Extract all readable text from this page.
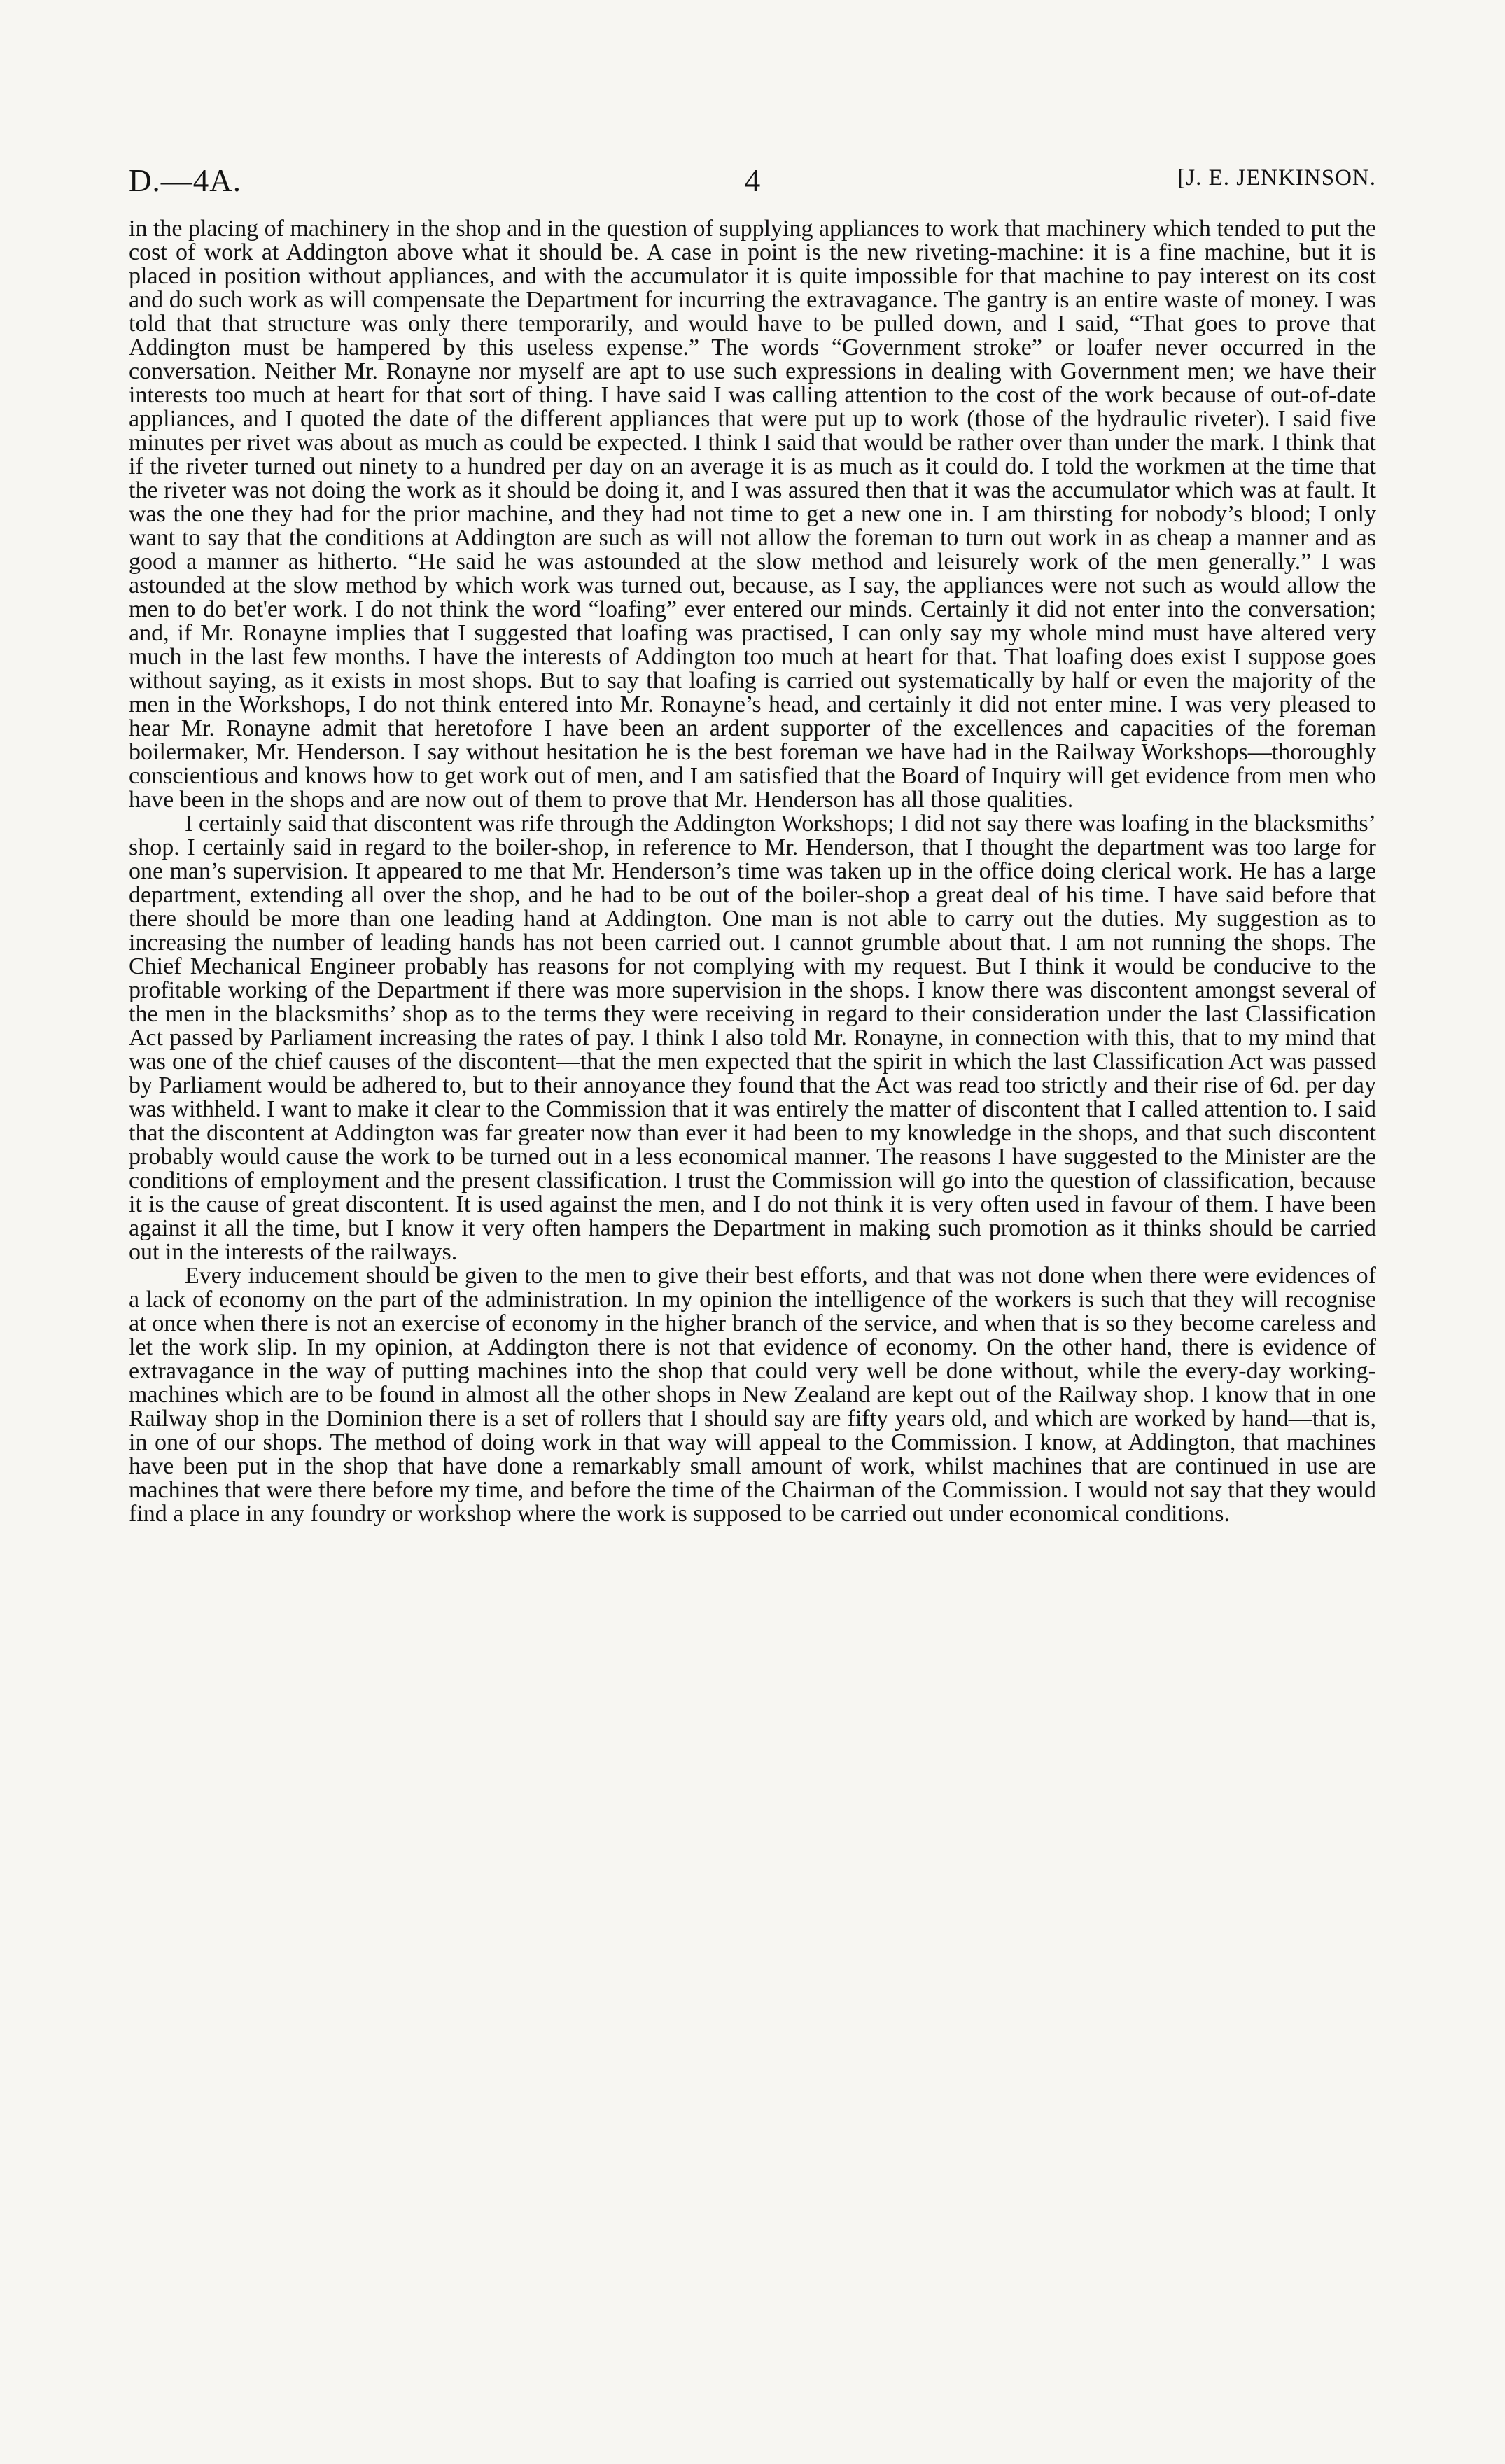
D.—4A.	4	[J. E. JENKINSON.

in the placing of machinery in the shop and in the question of supplying appliances to work that machinery which tended to put the cost of work at Addington above what it should be. A case in point is the new riveting-machine: it is a fine machine, but it is placed in position without appliances, and with the accumulator it is quite impossible for that machine to pay interest on its cost and do such work as will compensate the Department for incurring the extravagance. The gantry is an entire waste of money. I was told that that structure was only there temporarily, and would have to be pulled down, and I said, “That goes to prove that Addington must be hampered by this useless expense.” The words “Government stroke” or loafer never occurred in the conversation. Neither Mr. Ronayne nor myself are apt to use such expressions in dealing with Government men; we have their interests too much at heart for that sort of thing. I have said I was calling attention to the cost of the work because of out-of-date appliances, and I quoted the date of the different appliances that were put up to work (those of the hydraulic riveter). I said five minutes per rivet was about as much as could be expected. I think I said that would be rather over than under the mark. I think that if the riveter turned out ninety to a hundred per day on an average it is as much as it could do. I told the workmen at the time that the riveter was not doing the work as it should be doing it, and I was assured then that it was the accumulator which was at fault. It was the one they had for the prior machine, and they had not time to get a new one in. I am thirsting for nobody’s blood; I only want to say that the conditions at Addington are such as will not allow the foreman to turn out work in as cheap a manner and as good a manner as hitherto. “He said he was astounded at the slow method and leisurely work of the men generally.” I was astounded at the slow method by which work was turned out, because, as I say, the appliances were not such as would allow the men to do bet'er work. I do not think the word “loafing” ever entered our minds. Certainly it did not enter into the conversation; and, if Mr. Ronayne implies that I suggested that loafing was practised, I can only say my whole mind must have altered very much in the last few months. I have the interests of Addington too much at heart for that. That loafing does exist I suppose goes without saying, as it exists in most shops. But to say that loafing is carried out systematically by half or even the majority of the men in the Workshops, I do not think entered into Mr. Ronayne’s head, and certainly it did not enter mine. I was very pleased to hear Mr. Ronayne admit that heretofore I have been an ardent supporter of the excellences and capacities of the foreman boilermaker, Mr. Henderson. I say without hesitation he is the best foreman we have had in the Railway Workshops—thoroughly conscientious and knows how to get work out of men, and I am satisfied that the Board of Inquiry will get evidence from men who have been in the shops and are now out of them to prove that Mr. Henderson has all those qualities.

I certainly said that discontent was rife through the Addington Workshops; I did not say there was loafing in the blacksmiths’ shop. I certainly said in regard to the boiler-shop, in reference to Mr. Henderson, that I thought the department was too large for one man’s supervision. It appeared to me that Mr. Henderson’s time was taken up in the office doing clerical work. He has a large department, extending all over the shop, and he had to be out of the boiler-shop a great deal of his time. I have said before that there should be more than one leading hand at Addington. One man is not able to carry out the duties. My suggestion as to increasing the number of leading hands has not been carried out. I cannot grumble about that. I am not running the shops. The Chief Mechanical Engineer probably has reasons for not complying with my request. But I think it would be conducive to the profitable working of the Department if there was more supervision in the shops. I know there was discontent amongst several of the men in the blacksmiths’ shop as to the terms they were receiving in regard to their consideration under the last Classification Act passed by Parliament increasing the rates of pay. I think I also told Mr. Ronayne, in connection with this, that to my mind that was one of the chief causes of the discontent—that the men expected that the spirit in which the last Classification Act was passed by Parliament would be adhered to, but to their annoyance they found that the Act was read too strictly and their rise of 6d. per day was withheld. I want to make it clear to the Commission that it was entirely the matter of discontent that I called attention to. I said that the discontent at Addington was far greater now than ever it had been to my knowledge in the shops, and that such discontent probably would cause the work to be turned out in a less economical manner. The reasons I have suggested to the Minister are the conditions of employment and the present classification. I trust the Commission will go into the question of classification, because it is the cause of great discontent. It is used against the men, and I do not think it is very often used in favour of them. I have been against it all the time, but I know it very often hampers the Department in making such promotion as it thinks should be carried out in the interests of the railways.

Every inducement should be given to the men to give their best efforts, and that was not done when there were evidences of a lack of economy on the part of the administration. In my opinion the intelligence of the workers is such that they will recognise at once when there is not an exercise of economy in the higher branch of the service, and when that is so they become careless and let the work slip. In my opinion, at Addington there is not that evidence of economy. On the other hand, there is evidence of extravagance in the way of putting machines into the shop that could very well be done without, while the every-day working-machines which are to be found in almost all the other shops in New Zealand are kept out of the Railway shop. I know that in one Railway shop in the Dominion there is a set of rollers that I should say are fifty years old, and which are worked by hand—that is, in one of our shops. The method of doing work in that way will appeal to the Commission. I know, at Addington, that machines have been put in the shop that have done a remarkably small amount of work, whilst machines that are continued in use are machines that were there before my time, and before the time of the Chairman of the Commission. I would not say that they would find a place in any foundry or workshop where the work is supposed to be carried out under economical conditions.
